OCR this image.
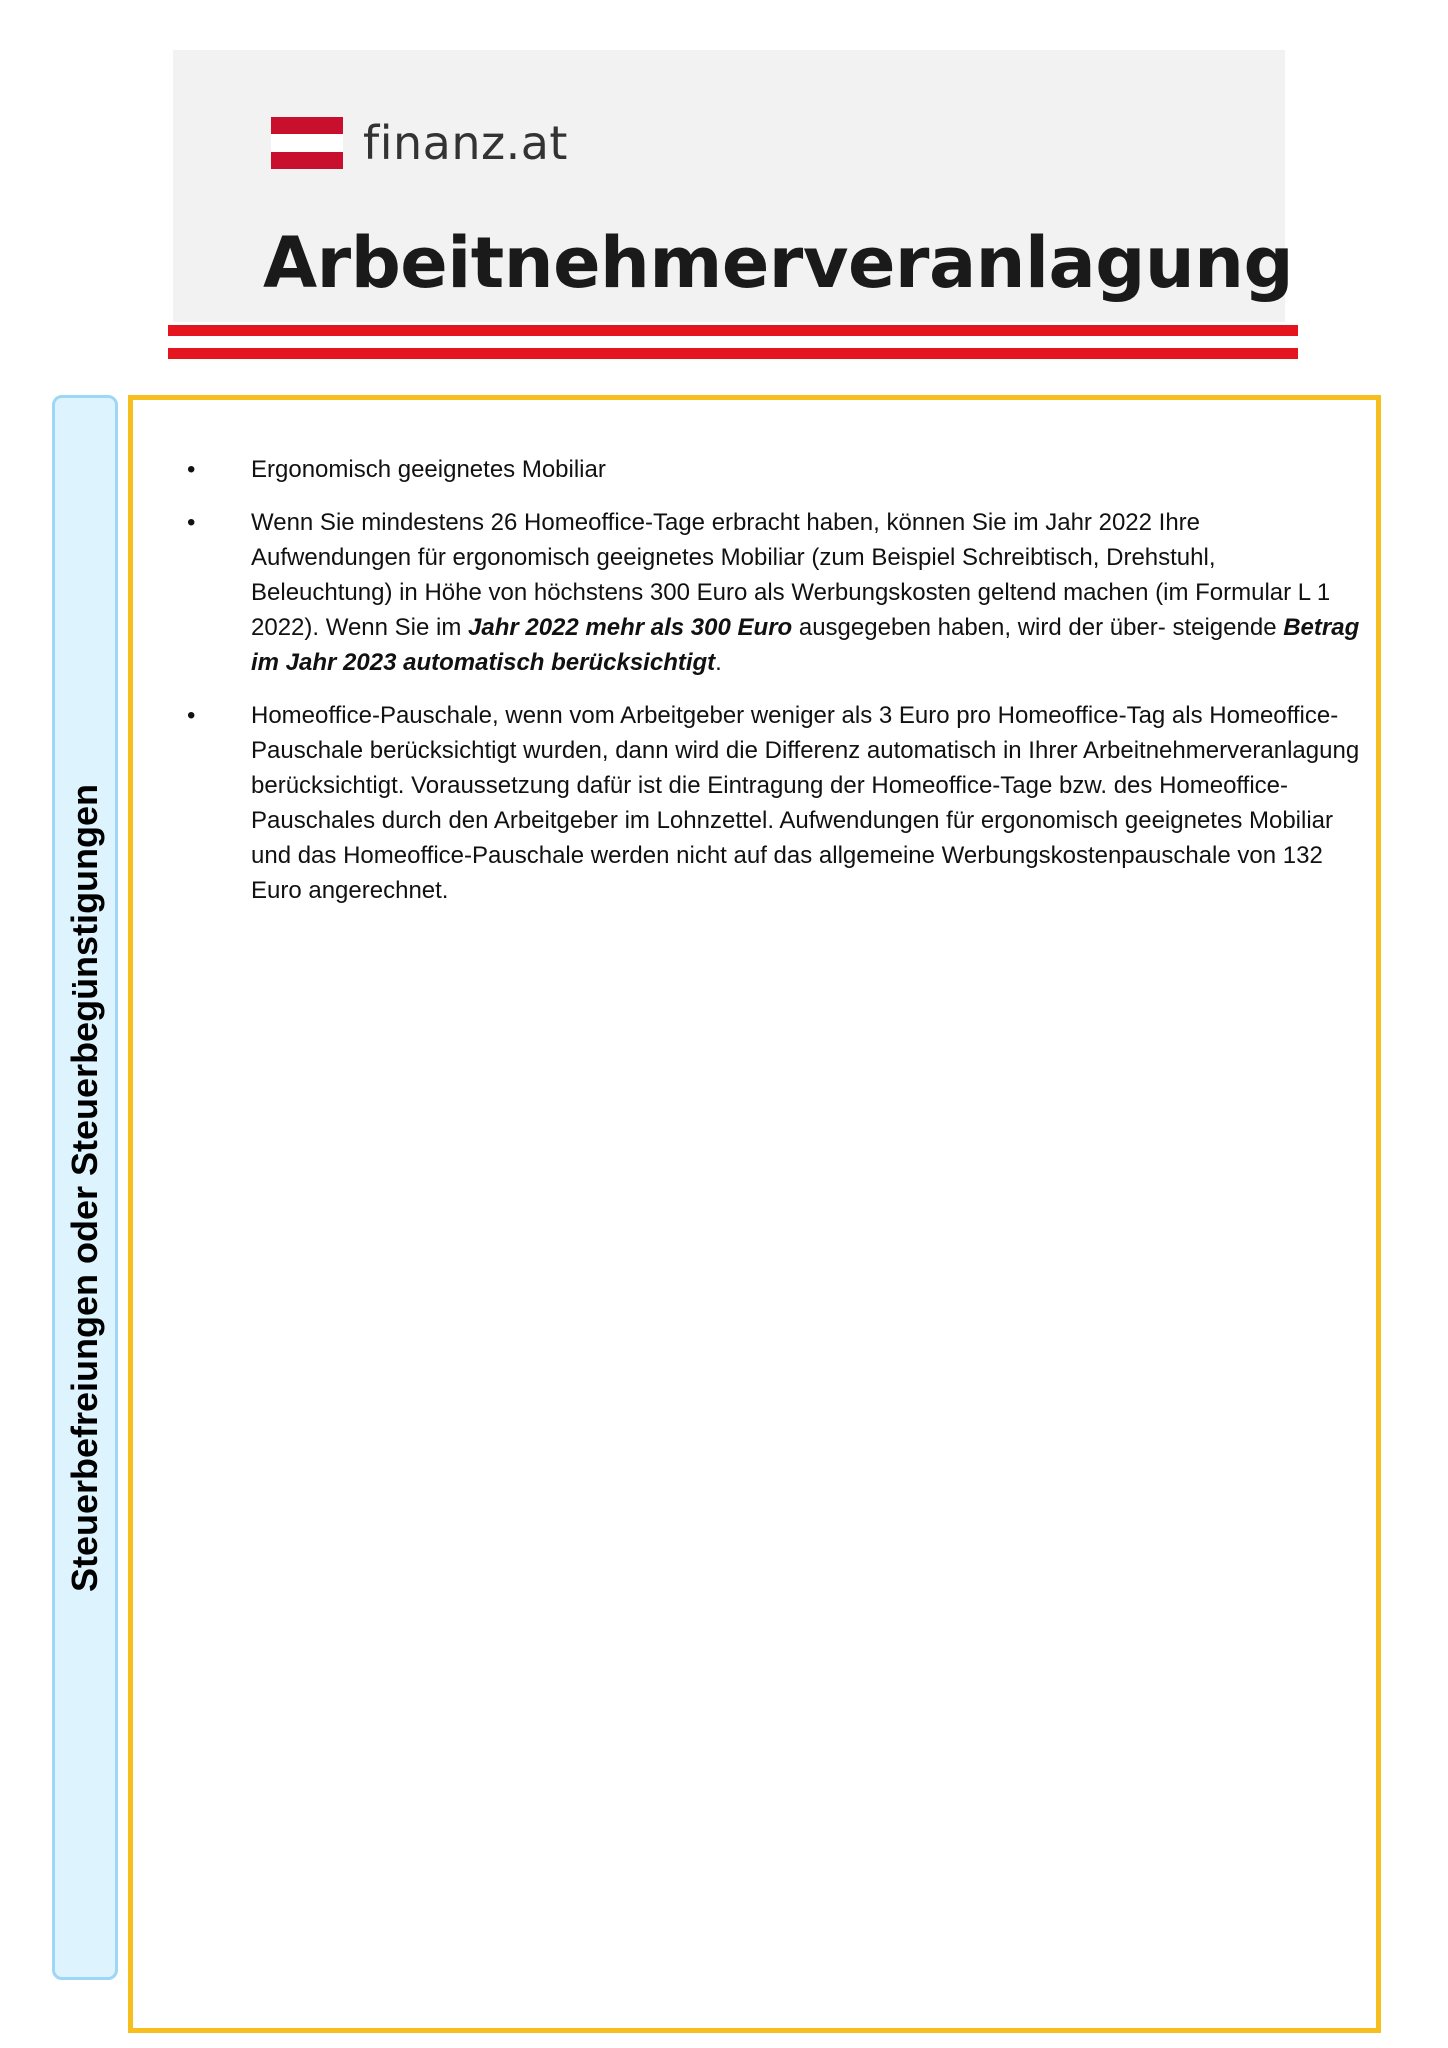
finanz.at
Arbeitnehmerveranlagung
Steuerbefreiungen oder Steuerbegünstigungen
• Ergonomisch geeignetes Mobiliar
• Wenn Sie mindestens 26 Homeoffice-Tage erbracht haben, können Sie im Jahr 2022 Ihre Aufwendungen für ergonomisch geeignetes Mobiliar (zum Beispiel Schreibtisch, Drehstuhl, Beleuchtung) in Höhe von höchstens 300 Euro als Werbungskosten geltend machen (im Formular L 1 2022). Wenn Sie im Jahr 2022 mehr als 300 Euro ausgegeben haben, wird der über- steigende Betrag im Jahr 2023 automatisch berücksichtigt.
• Homeoffice-Pauschale, wenn vom Arbeitgeber weniger als 3 Euro pro Homeoffice-Tag als Homeoffice-Pauschale berücksichtigt wurden, dann wird die Differenz automatisch in Ihrer Arbeitnehmerveranlagung berücksichtigt. Voraussetzung dafür ist die Eintragung der Homeoffice-Tage bzw. des Homeoffice-Pauschales durch den Arbeitgeber im Lohnzettel. Aufwendungen für ergonomisch geeignetes Mobiliar und das Homeoffice-Pauschale werden nicht auf das allgemeine Werbungskostenpauschale von 132 Euro angerechnet.
